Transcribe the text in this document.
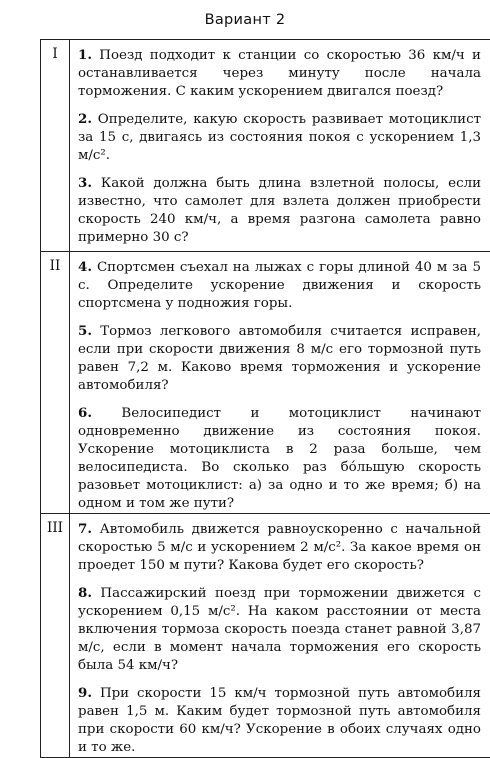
Вариант 2
I	1. Поезд подходит к станции со скоростью 36 км/ч и останавливается через минуту после начала торможения. С каким ускорением двигался поезд?

2. Определите, какую скорость развивает мотоциклист за 15 с, двигаясь из состояния покоя с ускорением 1,3 м/с².

3. Какой должна быть длина взлетной полосы, если известно, что самолет для взлета должен приобрести скорость 240 км/ч, а время разгона самолета равно примерно 30 с?

II	4. Спортсмен съехал на лыжах с горы длиной 40 м за 5 с. Определите ускорение движения и скорость спортсмена у подножия горы.

5. Тормоз легкового автомобиля считается исправен, если при скорости движения 8 м/с его тормозной путь равен 7,2 м. Каково время торможения и ускорение автомобиля?

6. Велосипедист и мотоциклист начинают одновременно движение из состояния покоя. Ускорение мотоциклиста в 2 раза больше, чем велосипедиста. Во сколько раз бо́льшую скорость разовьет мотоциклист: а) за одно и то же время; б) на одном и том же пути?

III	7. Автомобиль движется равноускоренно с начальной скоростью 5 м/с и ускорением 2 м/с². За какое время он проедет 150 м пути? Какова будет его скорость?

8. Пассажирский поезд при торможении движется с ускорением 0,15 м/с². На каком расстоянии от места включения тормоза скорость поезда станет равной 3,87 м/с, если в момент начала торможения его скорость была 54 км/ч?

9. При скорости 15 км/ч тормозной путь автомобиля равен 1,5 м. Каким будет тормозной путь автомобиля при скорости 60 км/ч? Ускорение в обоих случаях одно и то же.
